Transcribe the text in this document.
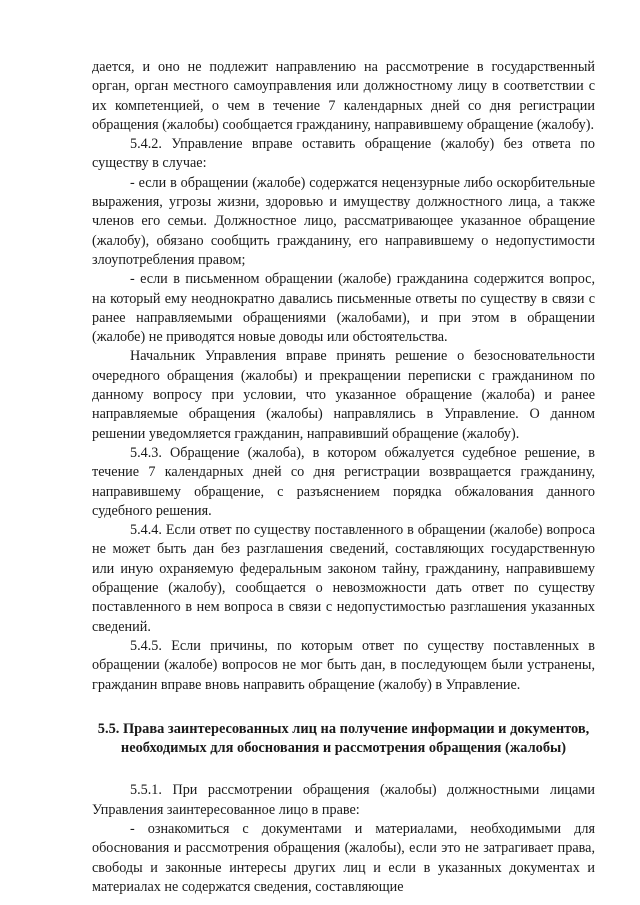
дается, и оно не подлежит направлению на рассмотрение в государственный орган, орган местного самоуправления или должностному лицу в соответствии с их компетенцией, о чем в течение 7 календарных дней со дня регистрации обращения (жалобы) сообщается гражданину, направившему обращение (жалобу).

5.4.2. Управление вправе оставить обращение (жалобу) без ответа по существу в случае:

- если в обращении (жалобе) содержатся нецензурные либо оскорбительные выражения, угрозы жизни, здоровью и имуществу должностного лица, а также членов его семьи. Должностное лицо, рассматривающее указанное обращение (жалобу), обязано сообщить гражданину, его направившему о недопустимости злоупотребления правом;

- если в письменном обращении (жалобе) гражданина содержится вопрос, на который ему неоднократно давались письменные ответы по существу в связи с ранее направляемыми обращениями (жалобами), и при этом в обращении (жалобе) не приводятся новые доводы или обстоятельства.

Начальник Управления вправе принять решение о безосновательности очередного обращения (жалобы) и прекращении переписки с гражданином по данному вопросу при условии, что указанное обращение (жалоба) и ранее направляемые обращения (жалобы) направлялись в Управление. О данном решении уведомляется гражданин, направивший обращение (жалобу).

5.4.3. Обращение (жалоба), в котором обжалуется судебное решение, в течение 7 календарных дней со дня регистрации возвращается гражданину, направившему обращение, с разъяснением порядка обжалования данного судебного решения.

5.4.4. Если ответ по существу поставленного в обращении (жалобе) вопроса не может быть дан без разглашения сведений, составляющих государственную или иную охраняемую федеральным законом тайну, гражданину, направившему обращение (жалобу), сообщается о невозможности дать ответ по существу поставленного в нем вопроса в связи с недопустимостью разглашения указанных сведений.

5.4.5. Если причины, по которым ответ по существу поставленных в обращении (жалобе) вопросов не мог быть дан, в последующем были устранены, гражданин вправе вновь направить обращение (жалобу) в Управление.

5.5. Права заинтересованных лиц на получение информации и документов, необходимых для обоснования и рассмотрения обращения (жалобы)

5.5.1. При рассмотрении обращения (жалобы) должностными лицами Управления заинтересованное лицо в праве:

- ознакомиться с документами и материалами, необходимыми для обоснования и рассмотрения обращения (жалобы), если это не затрагивает права, свободы и законные интересы других лиц и если в указанных документах и материалах не содержатся сведения, составляющие
